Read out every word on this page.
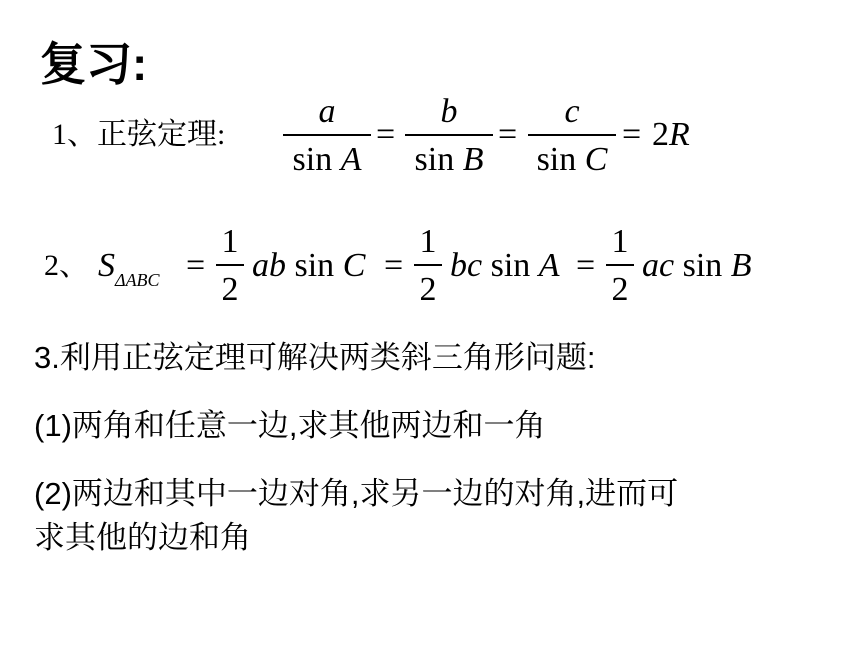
复习:
1、正弦定理:
a
sin A
=
b
sin B
=
c
sin C
= 2R
2、 $S_{\Delta ABC}$ =
1
2
ab sin C =
1
2
bc sin A =
1
2
ac sin B
3.利用正弦定理可解决两类斜三角形问题:
(1)两角和任意一边,求其他两边和一角
(2)两边和其中一边对角,求另一边的对角,进而可
求其他的边和角
